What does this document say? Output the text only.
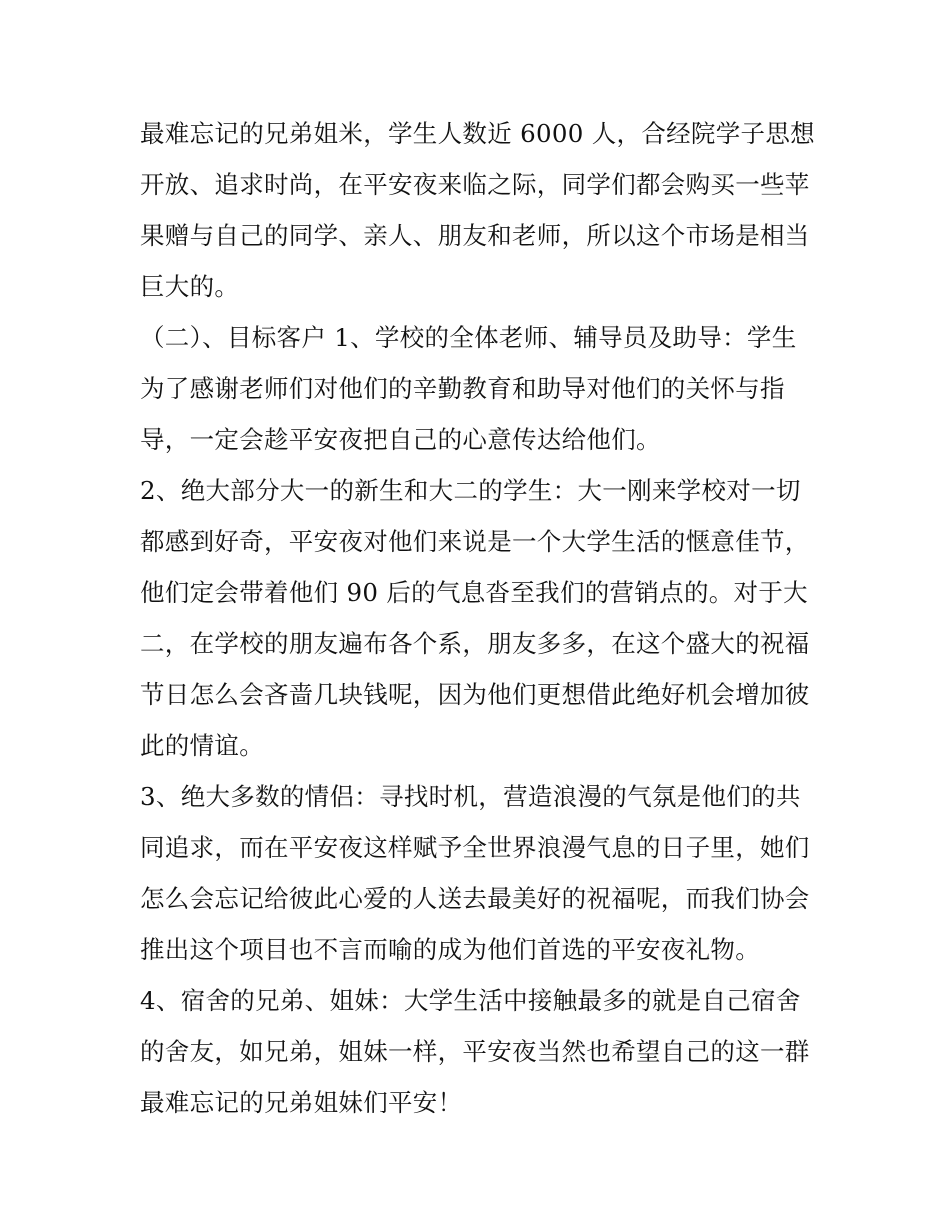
最难忘记的兄弟姐米，学生人数近 6000 人，合经院学子思想
开放、追求时尚，在平安夜来临之际，同学们都会购买一些苹
果赠与自己的同学、亲人、朋友和老师，所以这个市场是相当
巨大的。
（二）、目标客户 1、学校的全体老师、辅导员及助导：学生
为了感谢老师们对他们的辛勤教育和助导对他们的关怀与指
导，一定会趁平安夜把自己的心意传达给他们。
2、绝大部分大一的新生和大二的学生：大一刚来学校对一切
都感到好奇，平安夜对他们来说是一个大学生活的惬意佳节，
他们定会带着他们 90 后的气息沓至我们的营销点的。对于大
二，在学校的朋友遍布各个系，朋友多多，在这个盛大的祝福
节日怎么会吝啬几块钱呢，因为他们更想借此绝好机会增加彼
此的情谊。
3、绝大多数的情侣：寻找时机，营造浪漫的气氛是他们的共
同追求，而在平安夜这样赋予全世界浪漫气息的日子里，她们
怎么会忘记给彼此心爱的人送去最美好的祝福呢，而我们协会
推出这个项目也不言而喻的成为他们首选的平安夜礼物。
4、宿舍的兄弟、姐妹：大学生活中接触最多的就是自己宿舍
的舍友，如兄弟，姐妹一样，平安夜当然也希望自己的这一群
最难忘记的兄弟姐妹们平安！
